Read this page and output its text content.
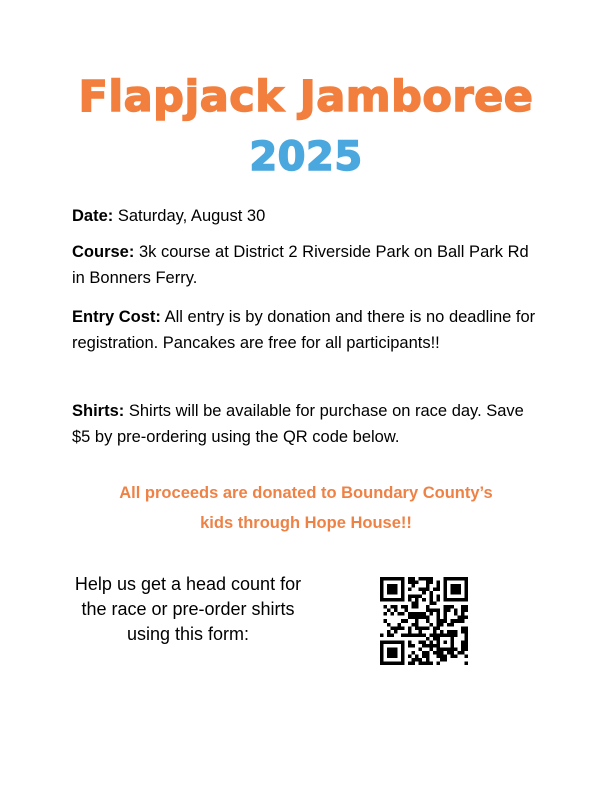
Flapjack Jamboree
2025
Date: Saturday, August 30
Course: 3k course at District 2 Riverside Park on Ball Park Rd in Bonners Ferry.
Entry Cost: All entry is by donation and there is no deadline for registration. Pancakes are free for all participants!!
Shirts: Shirts will be available for purchase on race day. Save $5 by pre-ordering using the QR code below.
All proceeds are donated to Boundary County’s
kids through Hope House!!
Help us get a head count for the race or pre-order shirts using this form:
